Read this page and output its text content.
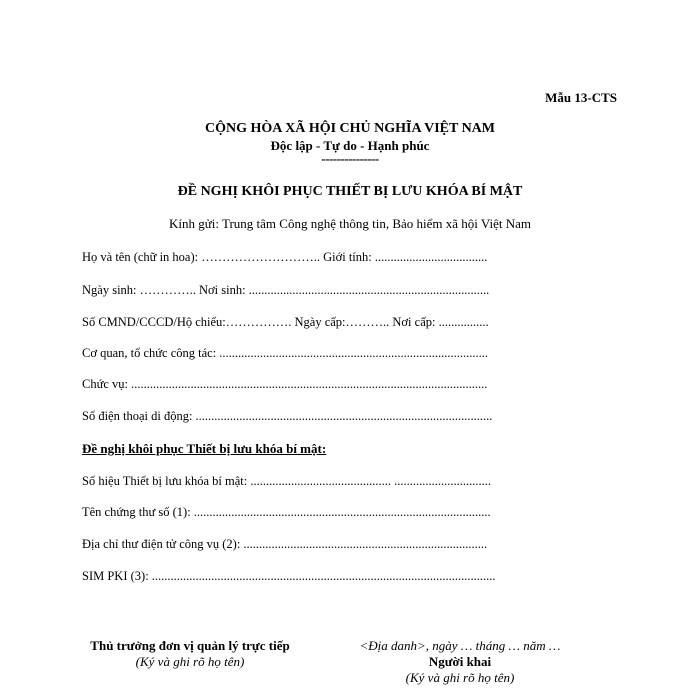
Mẫu 13-CTS
CỘNG HÒA XÃ HỘI CHỦ NGHĨA VIỆT NAM
Độc lập - Tự do - Hạnh phúc
---------------
ĐỀ NGHỊ KHÔI PHỤC THIẾT BỊ LƯU KHÓA BÍ MẬT
Kính gửi: Trung tâm Công nghệ thông tin, Bảo hiểm xã hội Việt Nam
Họ và tên (chữ in hoa): ……………………….. Giới tính: ....................................
Ngày sinh: ………….. Nơi sinh: .............................................................................
Số CMND/CCCD/Hộ chiếu:……………. Ngày cấp:……….. Nơi cấp: ................
Cơ quan, tổ chức công tác: ......................................................................................
Chức vụ: ..................................................................................................................
Số điện thoại di động: ...............................................................................................
Đề nghị khôi phục Thiết bị lưu khóa bí mật:
Số hiệu Thiết bị lưu khóa bí mật: ............................................. ...............................
Tên chứng thư số (1): ...............................................................................................
Địa chỉ thư điện tử công vụ (2): ..............................................................................
SIM PKI (3): ..............................................................................................................
Thủ trưởng đơn vị quản lý trực tiếp
(Ký và ghi rõ họ tên)
<Địa danh>, ngày … tháng … năm …
Người khai
(Ký và ghi rõ họ tên)
